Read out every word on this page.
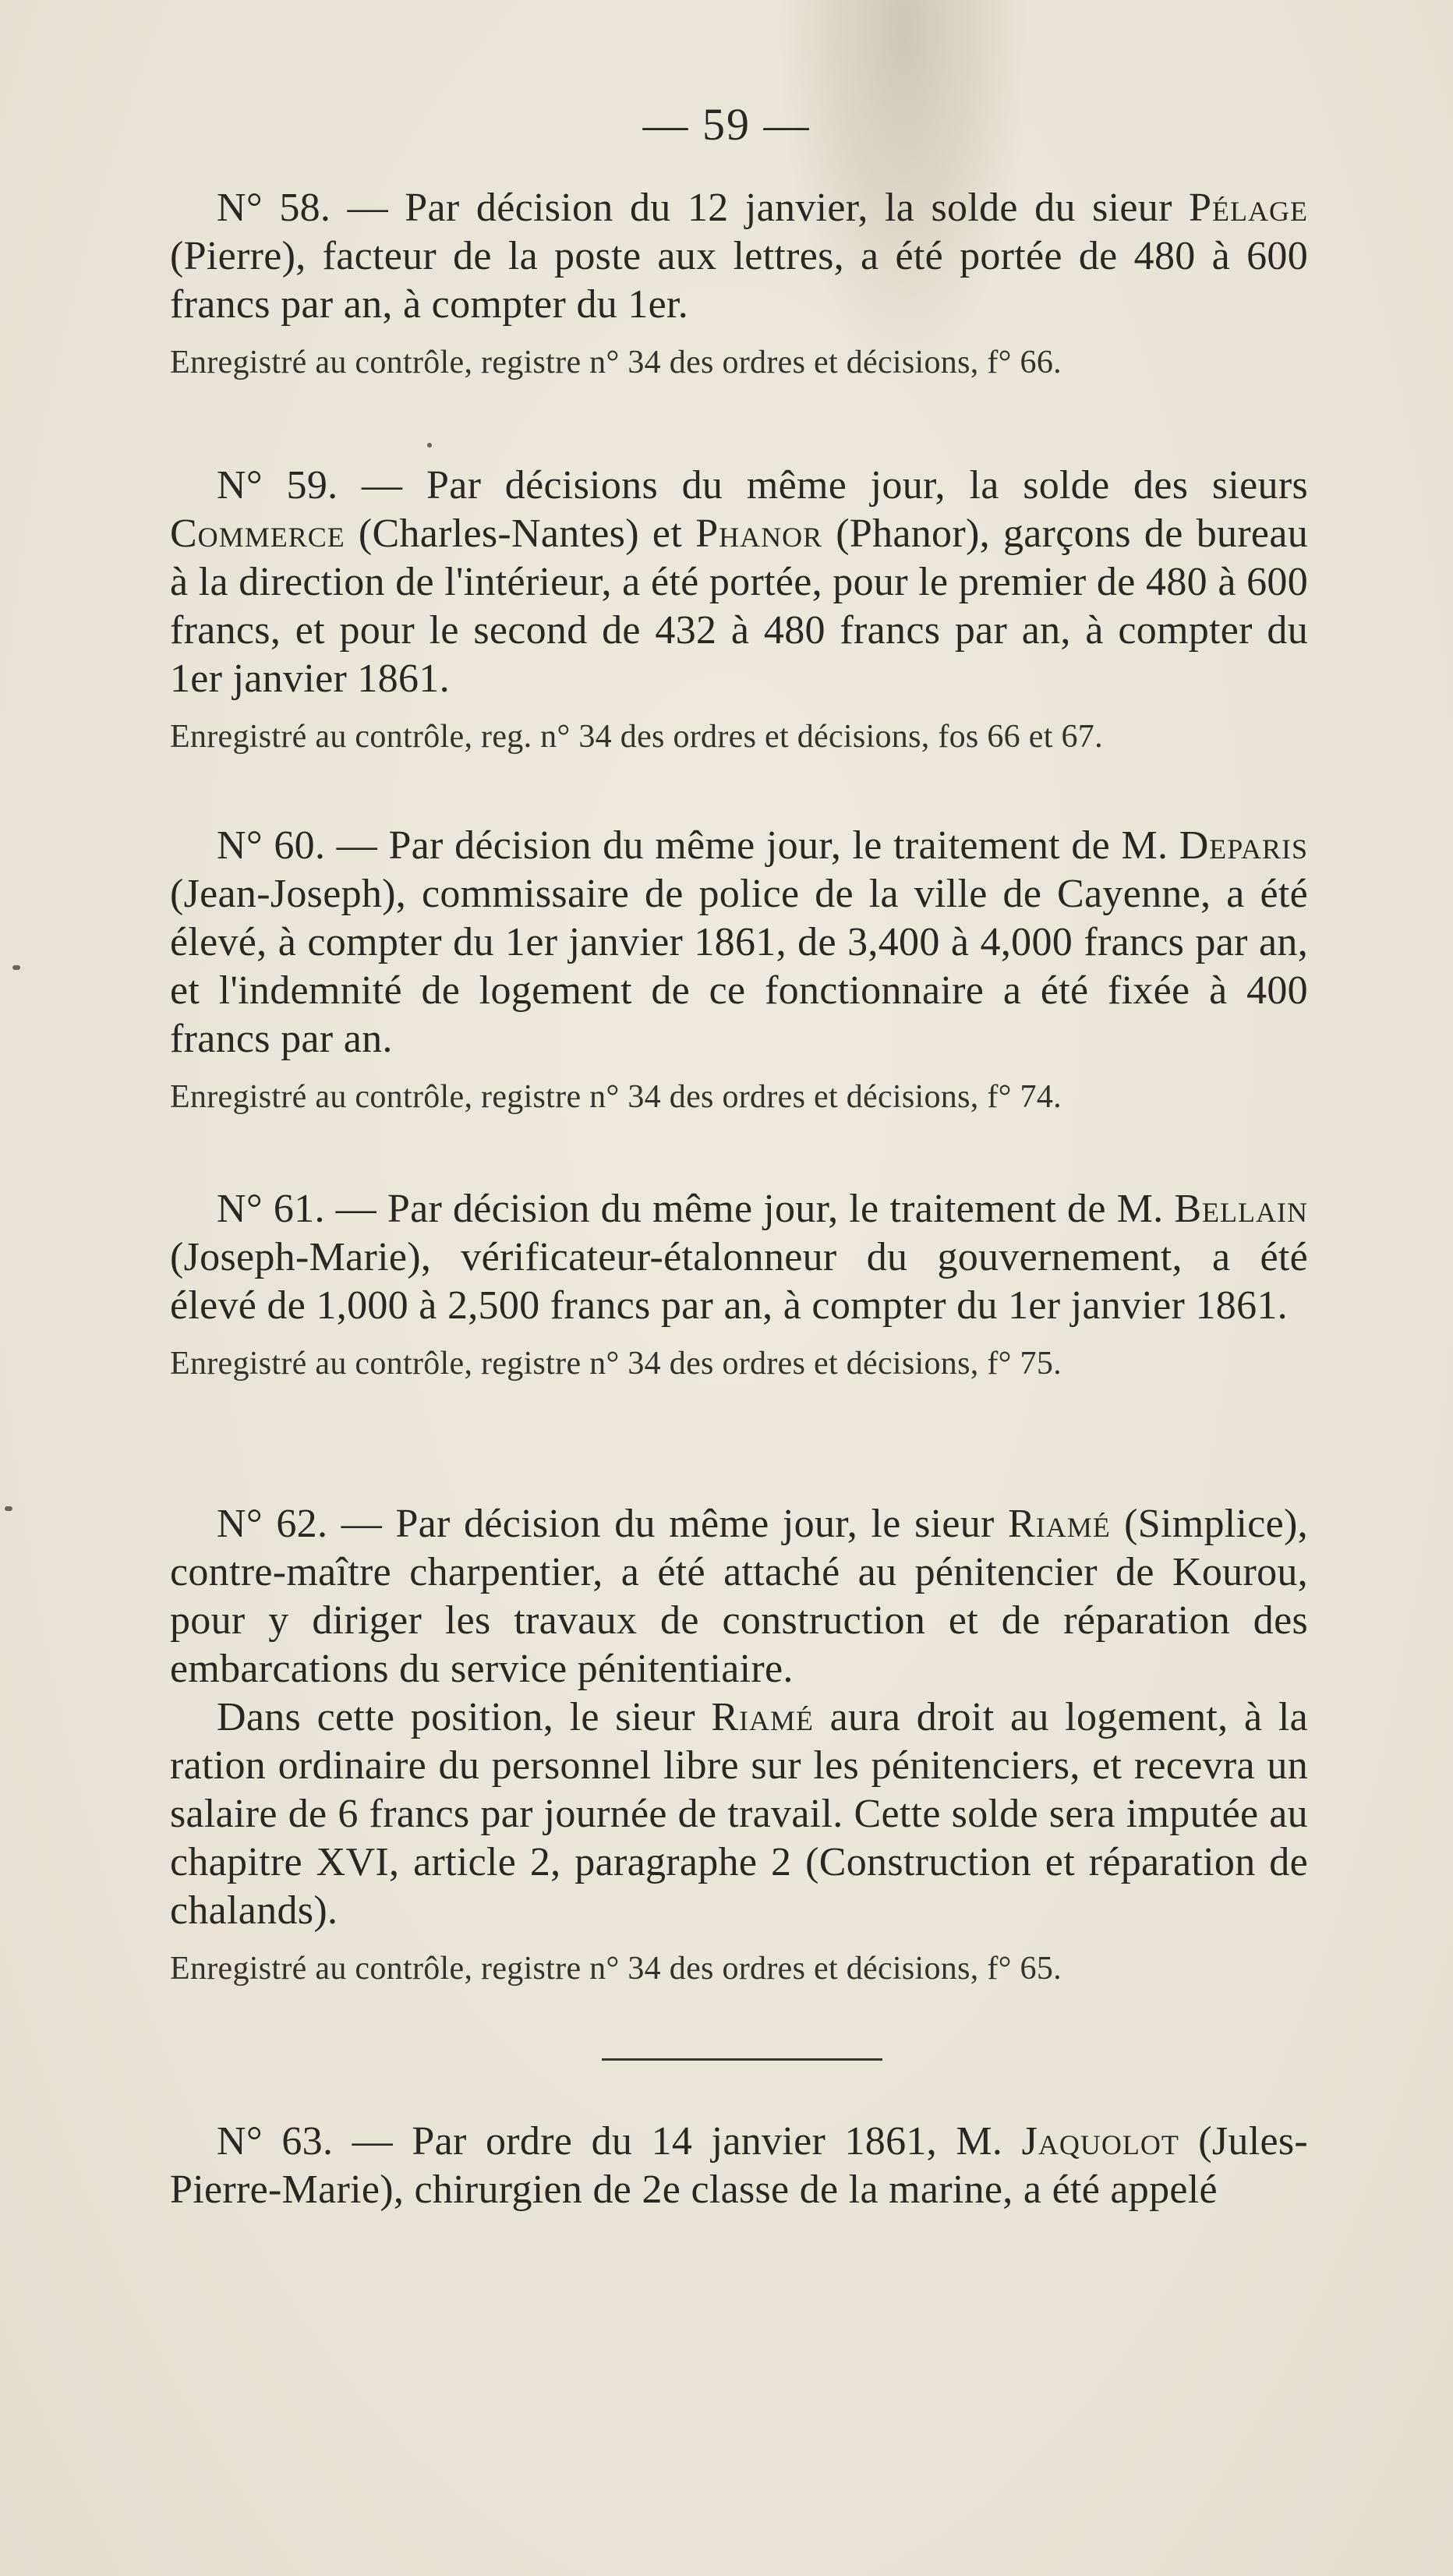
— 59 —

N° 58. — Par décision du 12 janvier, la solde du sieur Pélage (Pierre), facteur de la poste aux lettres, a été portée de 480 à 600 francs par an, à compter du 1er.

Enregistré au contrôle, registre n° 34 des ordres et décisions, f° 66.

N° 59. — Par décisions du même jour, la solde des sieurs Commerce (Charles-Nantes) et Phanor (Phanor), garçons de bureau à la direction de l'intérieur, a été portée, pour le premier de 480 à 600 francs, et pour le second de 432 à 480 francs par an, à compter du 1er janvier 1861.

Enregistré au contrôle, reg. n° 34 des ordres et décisions, fos 66 et 67.

N° 60. — Par décision du même jour, le traitement de M. Deparis (Jean-Joseph), commissaire de police de la ville de Cayenne, a été élevé, à compter du 1er janvier 1861, de 3,400 à 4,000 francs par an, et l'indemnité de logement de ce fonctionnaire a été fixée à 400 francs par an.

Enregistré au contrôle, registre n° 34 des ordres et décisions, f° 74.

N° 61. — Par décision du même jour, le traitement de M. Bellain (Joseph-Marie), vérificateur-étalonneur du gouvernement, a été élevé de 1,000 à 2,500 francs par an, à compter du 1er janvier 1861.

Enregistré au contrôle, registre n° 34 des ordres et décisions, f° 75.

N° 62. — Par décision du même jour, le sieur Riamé (Simplice), contre-maître charpentier, a été attaché au pénitencier de Kourou, pour y diriger les travaux de construction et de réparation des embarcations du service pénitentiaire.

Dans cette position, le sieur Riamé aura droit au logement, à la ration ordinaire du personnel libre sur les pénitenciers, et recevra un salaire de 6 francs par journée de travail. Cette solde sera imputée au chapitre XVI, article 2, paragraphe 2 (Construction et réparation de chalands).

Enregistré au contrôle, registre n° 34 des ordres et décisions, f° 65.

N° 63. — Par ordre du 14 janvier 1861, M. Jaquolot (Jules-Pierre-Marie), chirurgien de 2e classe de la marine, a été appelé
